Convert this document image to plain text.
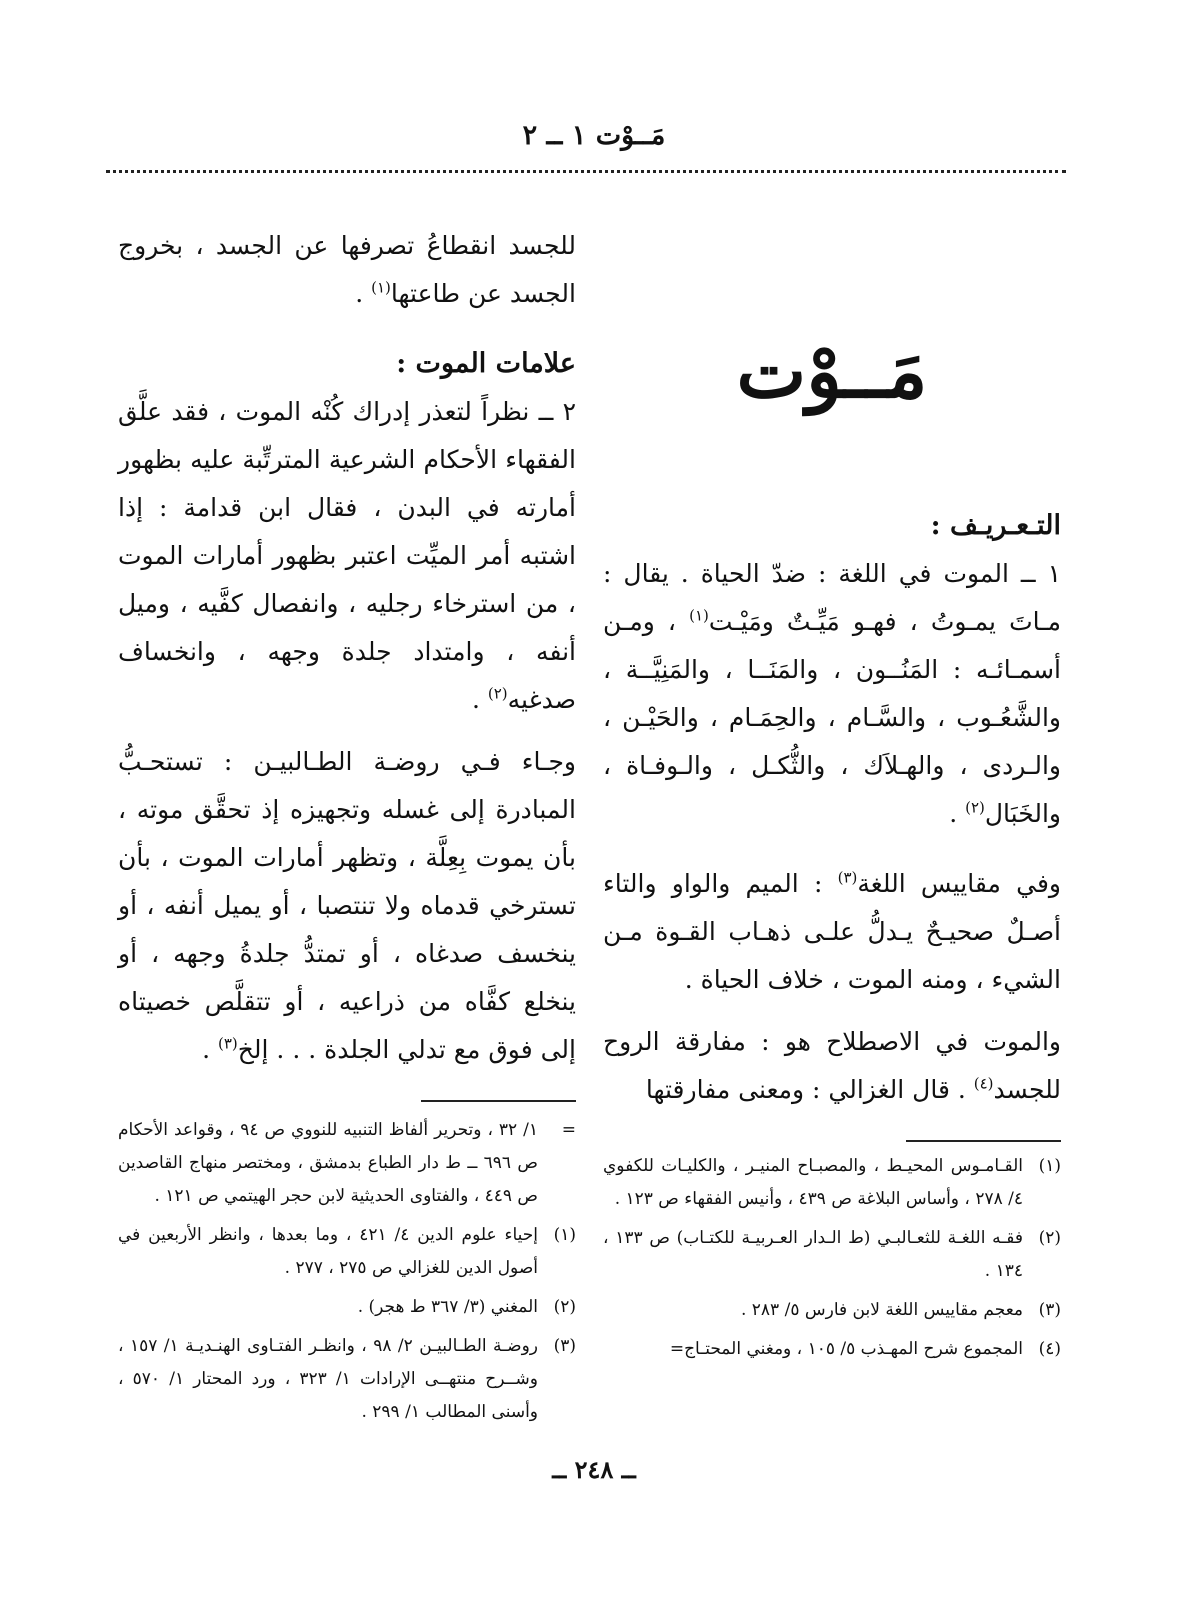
مَــوْت ١ ــ ٢
مَــوْت

التـعـريـف :

١ ــ الموت في اللغة : ضدّ الحياة . يقال : مـاتَ يمـوتُ ، فهـو مَيِّـتٌ ومَيْـت$^{(١)}$ ، ومـن أسمـائـه : المَنُــون ، والمَنَــا ، والمَنِيَّــة ، والشَّعُـوب ، والسَّـام ، والحِمَـام ، والحَيْـن ، والـردى ، والهـلاَك ، والثُّكـل ، والـوفـاة ، والخَبَال$^{(٢)}$ .

وفي مقاييس اللغة$^{(٣)}$ : الميم والواو والتاء أصـلٌ صحيـحٌ يـدلُّ علـى ذهـاب القـوة مـن الشيء ، ومنه الموت ، خلاف الحياة .

والموت في الاصطلاح هو : مفارقة الروح للجسد$^{(٤)}$ . قال الغزالي : ومعنى مفارقتها

(١)
القـامـوس المحيـط ، والمصبـاح المنيـر ، والكليـات للكفوي ٤/ ٢٧٨ ، وأساس البلاغة ص ٤٣٩ ، وأنيس الفقهاء ص ١٢٣ .
(٢)
فقـه اللغـة للثعـالبـي (ط الـدار العـربيـة للكتـاب) ص ١٣٣ ، ١٣٤ .
(٣)
معجم مقاييس اللغة لابن فارس ٥/ ٢٨٣ .
(٤)
المجموع شرح المهـذب ٥/ ١٠٥ ، ومغني المحتـاج=

للجسد انقطاعُ تصرفها عن الجسد ، بخروج الجسد عن طاعتها$^{(١)}$ .

علامات الموت :

٢ ــ نظراً لتعذر إدراك كُنْه الموت ، فقد علَّق الفقهاء الأحكام الشرعية المترتِّبة عليه بظهور أمارته في البدن ، فقال ابن قدامة : إذا اشتبه أمر الميِّت اعتبر بظهور أمارات الموت ، من استرخاء رجليه ، وانفصال كفَّيه ، وميل أنفه ، وامتداد جلدة وجهه ، وانخساف صدغيه$^{(٢)}$ .

وجـاء فـي روضـة الطـالبيـن : تستحـبُّ المبادرة إلى غسله وتجهيزه إذ تحقَّق موته ، بأن يموت بِعِلَّة ، وتظهر أمارات الموت ، بأن تسترخي قدماه ولا تنتصبا ، أو يميل أنفه ، أو ينخسف صدغاه ، أو تمتدُّ جلدةُ وجهه ، أو ينخلع كفَّاه من ذراعيه ، أو تتقلَّص خصيتاه إلى فوق مع تدلي الجلدة . . . إلخ$^{(٣)}$ .

=
١/ ٣٢ ، وتحرير ألفاظ التنبيه للنووي ص ٩٤ ، وقواعد الأحكام ص ٦٩٦ ــ ط دار الطباع بدمشق ، ومختصر منهاج القاصدين ص ٤٤٩ ، والفتاوى الحديثية لابن حجر الهيتمي ص ١٢١ .
(١)
إحياء علوم الدين ٤/ ٤٢١ ، وما بعدها ، وانظر الأربعين في أصول الدين للغزالي ص ٢٧٥ ، ٢٧٧ .
(٢)
المغني (٣/ ٣٦٧ ط هجر) .
(٣)
روضـة الطـالبيـن ٢/ ٩٨ ، وانظـر الفتـاوى الهنـديـة ١/ ١٥٧ ، وشــرح منتهــى الإرادات ١/ ٣٢٣ ، ورد المحتار ١/ ٥٧٠ ، وأسنى المطالب ١/ ٢٩٩ .
ــ ٢٤٨ ــ
